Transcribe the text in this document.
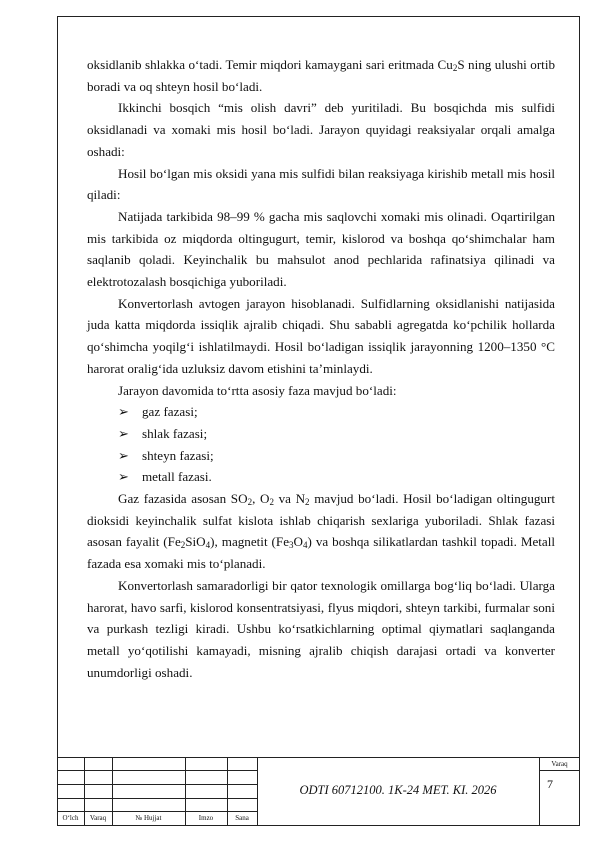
oksidlanib shlakka o‘tadi. Temir miqdori kamaygani sari eritmada $Cu_2S$ ning ulushi ortib boradi va oq shteyn hosil bo‘ladi.

Ikkinchi bosqich “mis olish davri” deb yuritiladi. Bu bosqichda mis sulfidi oksidlanadi va xomaki mis hosil bo‘ladi. Jarayon quyidagi reaksiyalar orqali amalga oshadi:

Hosil bo‘lgan mis oksidi yana mis sulfidi bilan reaksiyaga kirishib metall mis hosil qiladi:

Natijada tarkibida 98–99 % gacha mis saqlovchi xomaki mis olinadi. Oqartirilgan mis tarkibida oz miqdorda oltingugurt, temir, kislorod va boshqa qo‘shimchalar ham saqlanib qoladi. Keyinchalik bu mahsulot anod pechlarida rafinatsiya qilinadi va elektrotozalash bosqichiga yuboriladi.

Konvertorlash avtogen jarayon hisoblanadi. Sulfidlarning oksidlanishi natijasida juda katta miqdorda issiqlik ajralib chiqadi. Shu sababli agregatda ko‘pchilik hollarda qo‘shimcha yoqilg‘i ishlatilmaydi. Hosil bo‘ladigan issiqlik jarayonning 1200–1350 °C harorat oralig‘ida uzluksiz davom etishini ta’minlaydi.

Jarayon davomida to‘rtta asosiy faza mavjud bo‘ladi:

➢ gaz fazasi;
➢ shlak fazasi;
➢ shteyn fazasi;
➢ metall fazasi.

Gaz fazasida asosan $SO_2$, $O_2$ va $N_2$ mavjud bo‘ladi. Hosil bo‘ladigan oltingugurt dioksidi keyinchalik sulfat kislota ishlab chiqarish sexlariga yuboriladi. Shlak fazasi asosan fayalit $(Fe_2SiO_4)$, magnetit $(Fe_3O_4)$ va boshqa silikatlardan tashkil topadi. Metall fazada esa xomaki mis to‘planadi.

Konvertorlash samaradorligi bir qator texnologik omillarga bog‘liq bo‘ladi. Ularga harorat, havo sarfi, kislorod konsentratsiyasi, flyus miqdori, shteyn tarkibi, furmalar soni va purkash tezligi kiradi. Ushbu ko‘rsatkichlarning optimal qiymatlari saqlanganda metall yo‘qotilishi kamayadi, misning ajralib chiqish darajasi ortadi va konverter unumdorligi oshadi.

O‘lch	Varaq	№ Hujjat	Imzo	Sana
ODTI 60712100. 1K-24 MET. KI. 2026
Varaq
7
